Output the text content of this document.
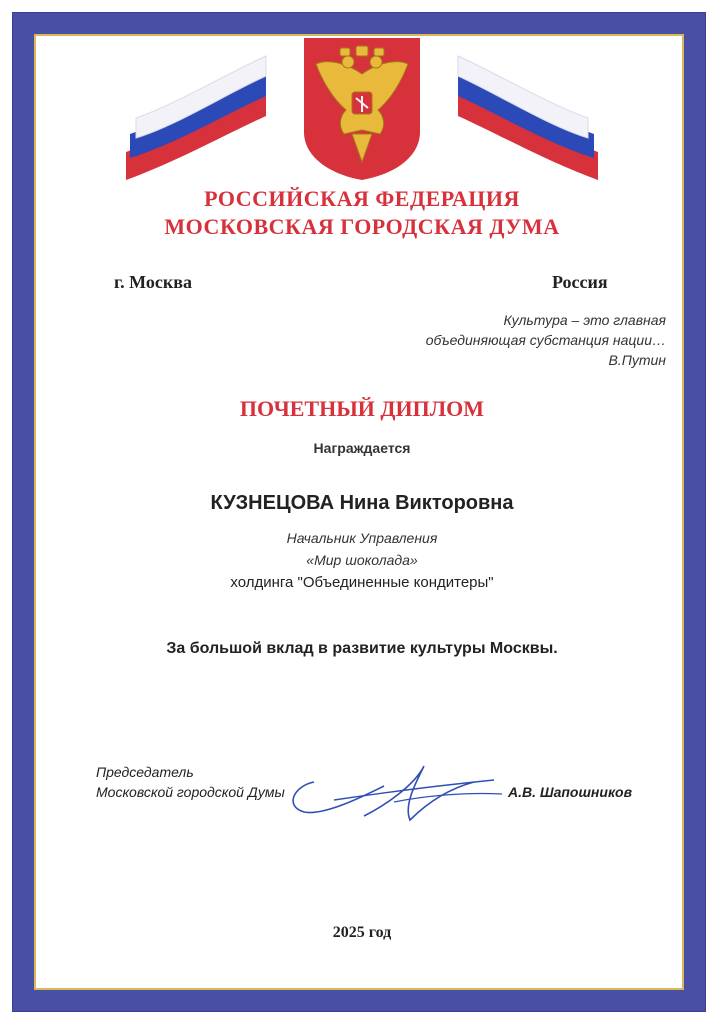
РОССИЙСКАЯ ФЕДЕРАЦИЯ
МОСКОВСКАЯ ГОРОДСКАЯ ДУМА
г. Москва	Россия
Культура – это главная
объединяющая субстанция нации…
В.Путин
ПОЧЕТНЫЙ ДИПЛОМ
Награждается
КУЗНЕЦОВА Нина Викторовна
Начальник Управления
«Мир шоколада»
холдинга "Объединенные кондитеры"
За большой вклад в развитие культуры Москвы.
Председатель
Московской городской Думы	А.В. Шапошников
2025 год
